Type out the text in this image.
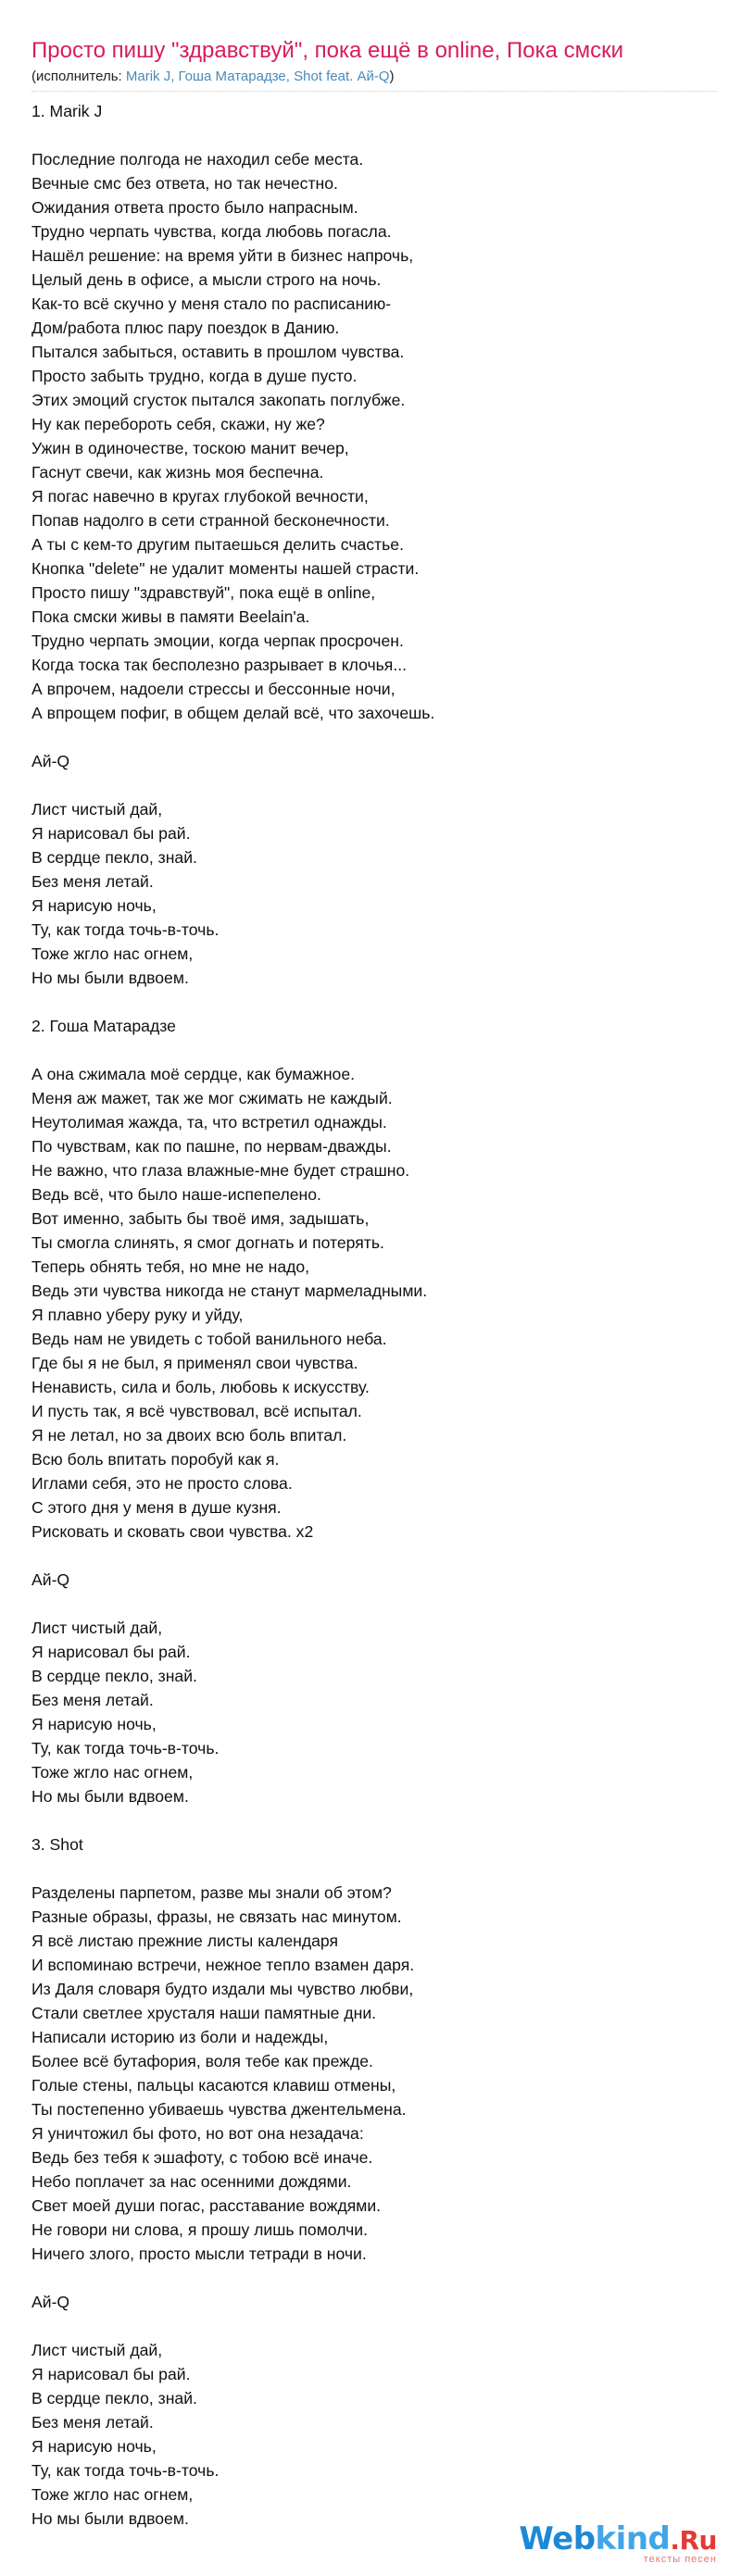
Просто пишу "здравствуй", пока ещё в online, Пока смски
(исполнитель: Marik J, Гоша Матарадзе, Shot feat. Ай-Q)
1. Marik J
Последние полгода не находил себе места.
Вечные смс без ответа, но так нечестно.
Ожидания ответа просто было напрасным.
Трудно черпать чувства, когда любовь погасла.
Нашёл решение: на время уйти в бизнес напрочь,
Целый день в офисе, а мысли строго на ночь.
Как-то всё скучно у меня стало по расписанию-
Дом/работа плюс пару поездок в Данию.
Пытался забыться, оставить в прошлом чувства.
Просто забыть трудно, когда в душе пусто.
Этих эмоций сгусток пытался закопать поглубже.
Ну как перебороть себя, скажи, ну же?
Ужин в одиночестве, тоскою манит вечер,
Гаснут свечи, как жизнь моя беспечна.
Я погас навечно в кругах глубокой вечности,
Попав надолго в сети странной бесконечности.
А ты с кем-то другим пытаешься делить счастье.
Кнопка "delete" не удалит моменты нашей страсти.
Просто пишу "здравствуй", пока ещё в online,
Пока смски живы в памяти Beelain'a.
Трудно черпать эмоции, когда черпак просрочен.
Когда тоска так бесполезно разрывает в клочья...
А впрочем, надоели стрессы и бессонные ночи,
А впрощем пофиг, в общем делай всё, что захочешь.
Ай-Q
Лист чистый дай,
Я нарисовал бы рай.
В сердце пекло, знай.
Без меня летай.
Я нарисую ночь,
Ту, как тогда точь-в-точь.
Тоже жгло нас огнем,
Но мы были вдвоем.
2. Гоша Матарадзе
А она сжимала моё сердце, как бумажное.
Меня аж мажет, так же мог сжимать не каждый.
Неутолимая жажда, та, что встретил однажды.
По чувствам, как по пашне, по нервам-дважды.
Не важно, что глаза влажные-мне будет страшно.
Ведь всё, что было наше-испепелено.
Вот именно, забыть бы твоё имя, задышать,
Ты смогла слинять, я смог догнать и потерять.
Теперь обнять тебя, но мне не надо,
Ведь эти чувства никогда не станут мармеладными.
Я плавно уберу руку и уйду,
Ведь нам не увидеть с тобой ванильного неба.
Где бы я не был, я применял свои чувства.
Ненависть, сила и боль, любовь к искусству.
И пусть так, я всё чувствовал, всё испытал.
Я не летал, но за двоих всю боль впитал.
Всю боль впитать поробуй как я.
Иглами себя, это не просто слова.
С этого дня у меня в душе кузня.
Рисковать и сковать свои чувства. x2
Ай-Q
Лист чистый дай,
Я нарисовал бы рай.
В сердце пекло, знай.
Без меня летай.
Я нарисую ночь,
Ту, как тогда точь-в-точь.
Тоже жгло нас огнем,
Но мы были вдвоем.
3. Shot
Разделены парпетом, разве мы знали об этом?
Разные образы, фразы, не связать нас минутом.
Я всё листаю прежние листы календаря
И вспоминаю встречи, нежное тепло взамен даря.
Из Даля словаря будто издали мы чувство любви,
Стали светлее хрусталя наши памятные дни.
Написали историю из боли и надежды,
Более всё бутафория, воля тебе как прежде.
Голые стены, пальцы касаются клавиш отмены,
Ты постепенно убиваешь чувства джентельмена.
Я уничтожил бы фото, но вот она незадача:
Ведь без тебя к эшафоту, с тобою всё иначе.
Небо поплачет за нас осенними дождями.
Свет моей души погас, расставание вождями.
Не говори ни слова, я прошу лишь помолчи.
Ничего злого, просто мысли тетради в ночи.
Ай-Q
Лист чистый дай,
Я нарисовал бы рай.
В сердце пекло, знай.
Без меня летай.
Я нарисую ночь,
Ту, как тогда точь-в-точь.
Тоже жгло нас огнем,
Но мы были вдвоем.
Webkind.Ru
тексты песен
